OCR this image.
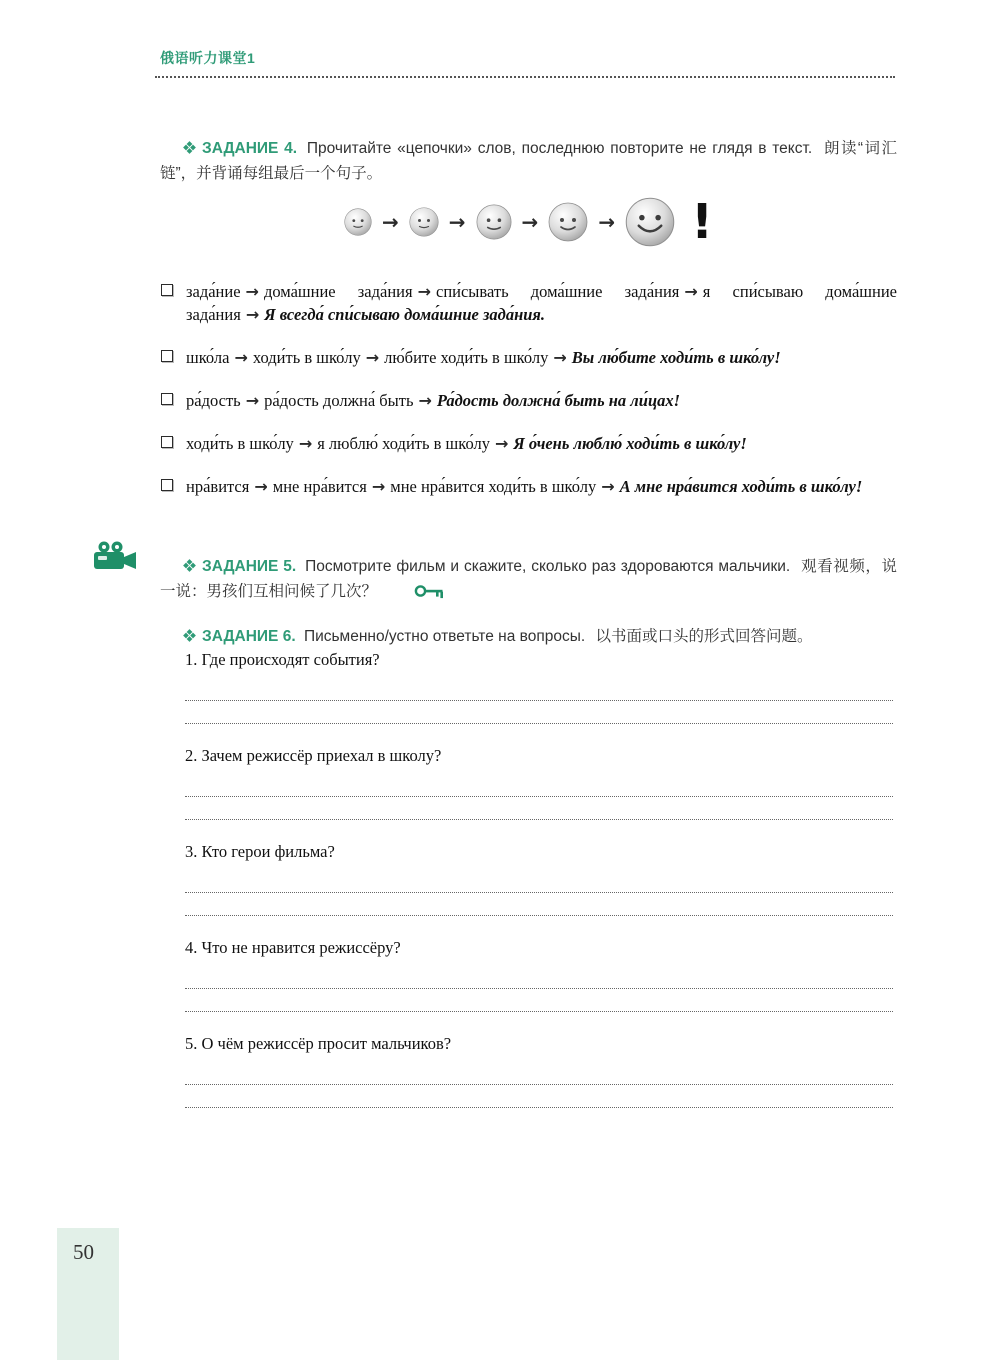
俄语听力课堂1

ЗАДАНИЕ 4. Прочитайте «цепочки» слов, последнюю повторите не глядя в текст. 朗读“词汇链”，并背诵每组最后一个句子。

→	→	→	→ !
зада́ние → дома́шние зада́ния → спи́сывать дома́шние зада́ния → я спи́сываю дома́шние зада́ния → Я всегда́ спи́сываю дома́шние зада́ния.
шко́ла → ходи́ть в шко́лу → лю́бите ходи́ть в шко́лу → Вы лю́бите ходи́ть в шко́лу!
ра́дость → ра́дость должна́ быть → Ра́дость должна́ быть на ли́цах!
ходи́ть в шко́лу → я люблю́ ходи́ть в шко́лу → Я о́чень люблю́ ходи́ть в шко́лу!
нра́вится → мне нра́вится → мне нра́вится ходи́ть в шко́лу → А мне нра́вится ходи́ть в шко́лу!

ЗАДАНИЕ 5. Посмотрите фильм и скажите, сколько раз здороваются мальчики. 观看视频，说一说：男孩们互相问候了几次？

ЗАДАНИЕ 6. Письменно/устно ответьте на вопросы. 以书面或口头的形式回答问题。

1. Где происходят события?
2. Зачем режиссёр приехал в школу?
3. Кто герои фильма?
4. Что не нравится режиссёру?
5. О чём режиссёр просит мальчиков?
50
